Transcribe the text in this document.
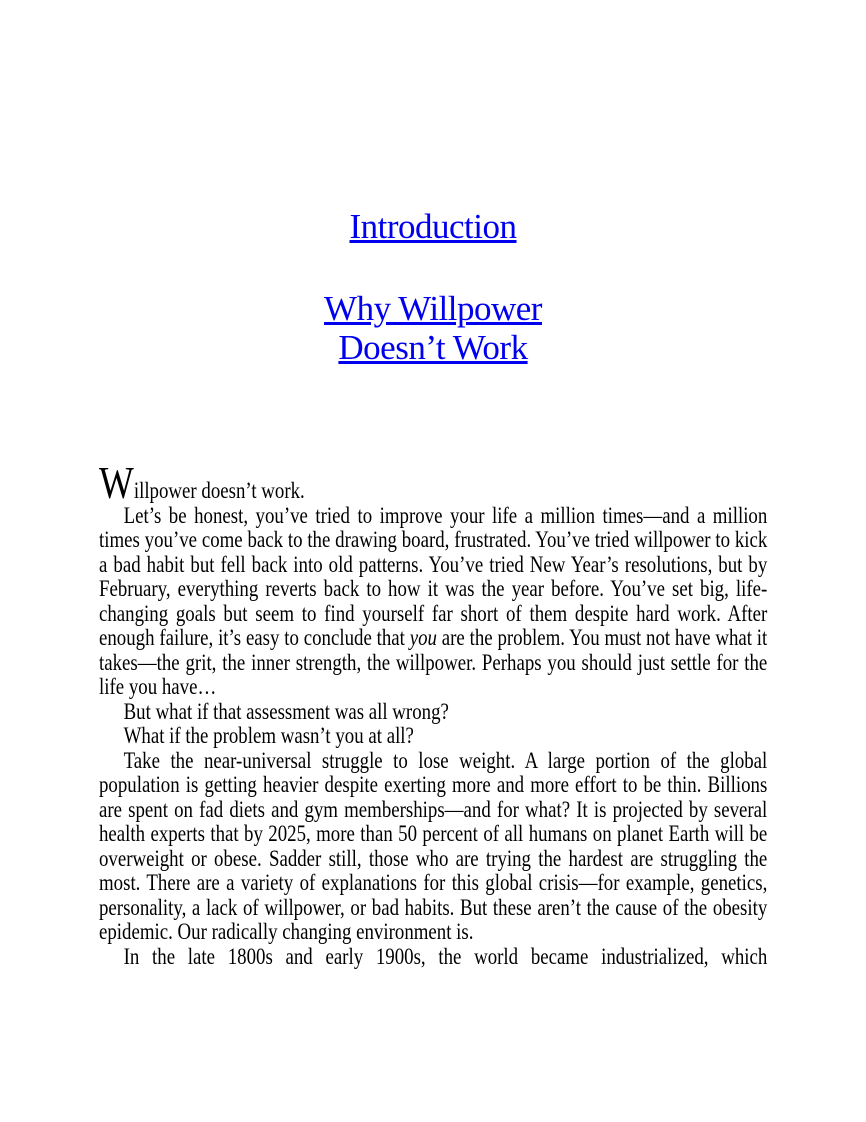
Introduction
Why Willpower
Doesn’t Work

Willpower doesn’t work.

Let’s be honest, you’ve tried to improve your life a million times—and a million times you’ve come back to the drawing board, frustrated. You’ve tried willpower to kick a bad habit but fell back into old patterns. You’ve tried New Year’s resolutions, but by February, everything reverts back to how it was the year before. You’ve set big, life-changing goals but seem to find yourself far short of them despite hard work. After enough failure, it’s easy to conclude that you are the problem. You must not have what it takes—the grit, the inner strength, the willpower. Perhaps you should just settle for the life you have…

But what if that assessment was all wrong?

What if the problem wasn’t you at all?

Take the near-universal struggle to lose weight. A large portion of the global population is getting heavier despite exerting more and more effort to be thin. Billions are spent on fad diets and gym memberships—and for what? It is projected by several health experts that by 2025, more than 50 percent of all humans on planet Earth will be overweight or obese. Sadder still, those who are trying the hardest are struggling the most. There are a variety of explanations for this global crisis—for example, genetics, personality, a lack of willpower, or bad habits. But these aren’t the cause of the obesity epidemic. Our radically changing environment is.

In the late 1800s and early 1900s, the world became industrialized, which
